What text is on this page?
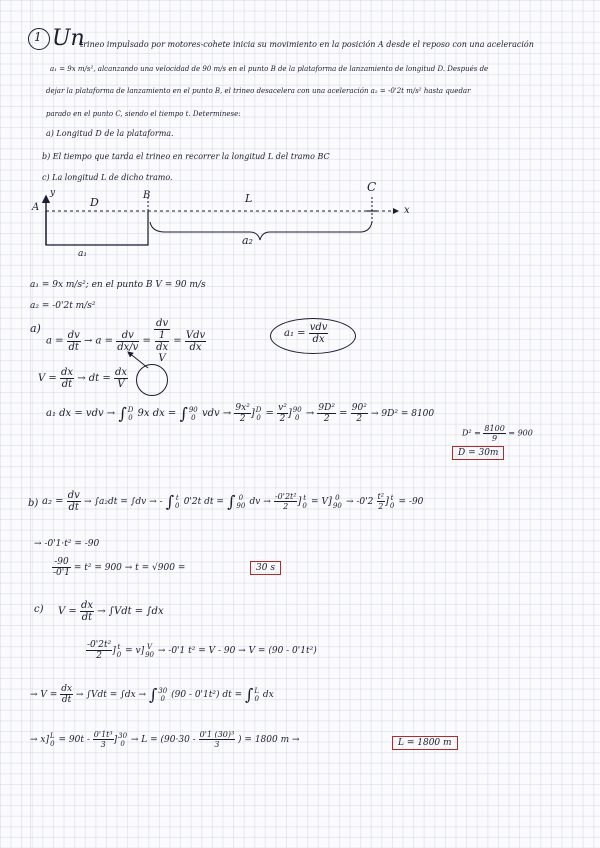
1 Un
trineo impulsado por motores-cohete inicia su movimiento en la posición A desde el reposo con una aceleración
a₁ = 9x m/s², alcanzando una velocidad de 90 m/s en el punto B de la plataforma de lanzamiento de longitud D. Después de
dejar la plataforma de lanzamiento en el punto B, el trineo desacelera con una aceleración a₂ = -0'2t m/s² hasta quedar
parado en el punto C, siendo el tiempo t. Determinese:
a) Longitud D de la plataforma.
b) El tiempo que tarda el trineo en recorrer la longitud L del tramo BC
c) La longitud L de dicho tramo.
A
y	B
C
x
D	L
a₁
a₂
a₁ = 9x m/s²; en el punto B V = 90 m/s
a₂ = -0'2t m/s²
a)
$a = \frac{dv}{dt} \to a = \frac{dv}{dx/v}$ =
dv
1
dx
V
= $\frac{\text{Vdv}}{dx}$	$a_1 = \frac{\text{vdv}}{dx}$
$V = \frac{dx}{dt}$ → dt = $\frac{dx}{V}$
a₁ dx = vdv → ∫ D
0 9x dx = ∫ 90
0 vdv → $\frac{\text{9x²}}{2}$ ] D
$0 = \frac{\text{v²}}{2}$ ] 90
$0 \to \frac{\text{9D²}}{2} = \frac{\text{90²}}{2} \to 9D^2 = 8100$
$D^2 = \frac{8100}{9} = 900$
D = 30m
b) $a_2 = \frac{dv}{dt} \to \int a_2dt = \int dv$ → - ∫ t
0 0'2t dt = ∫ 0
90 dv → $\frac{\text{-0'2t²}}{2}$ ] t
0 = V] 0
$90 \to -0'2 \frac{\text{t²}}{2}$ ] t
0 = -90
→ -0'1·t² = -90
$\frac{-90}{-0'1} = t^2 = 900 \to t = √900$ =	30 s
c) $V = \frac{dx}{dt} \to \int Vdt = \int dx$
$\frac{\text{-0'2t²}}{2}$ ] t
0 = v] V
90 → -0'1 t² = V - 90 → V = (90 - 0'1t²)
→ $V = \frac{dx}{dt} \to \int Vdt = \int dx$ → ∫ 30
0 (90 - 0'1t²) dt = ∫ L
0 dx
→ x] L
$0 = 90t - \frac{\text{0'1t³}}{3}$ ] 30
$0 \to L = (90\cdot 30 - \frac{\text{0'1 (30)³}}{3}$ ) = 1800 m →	L = 1800 m
